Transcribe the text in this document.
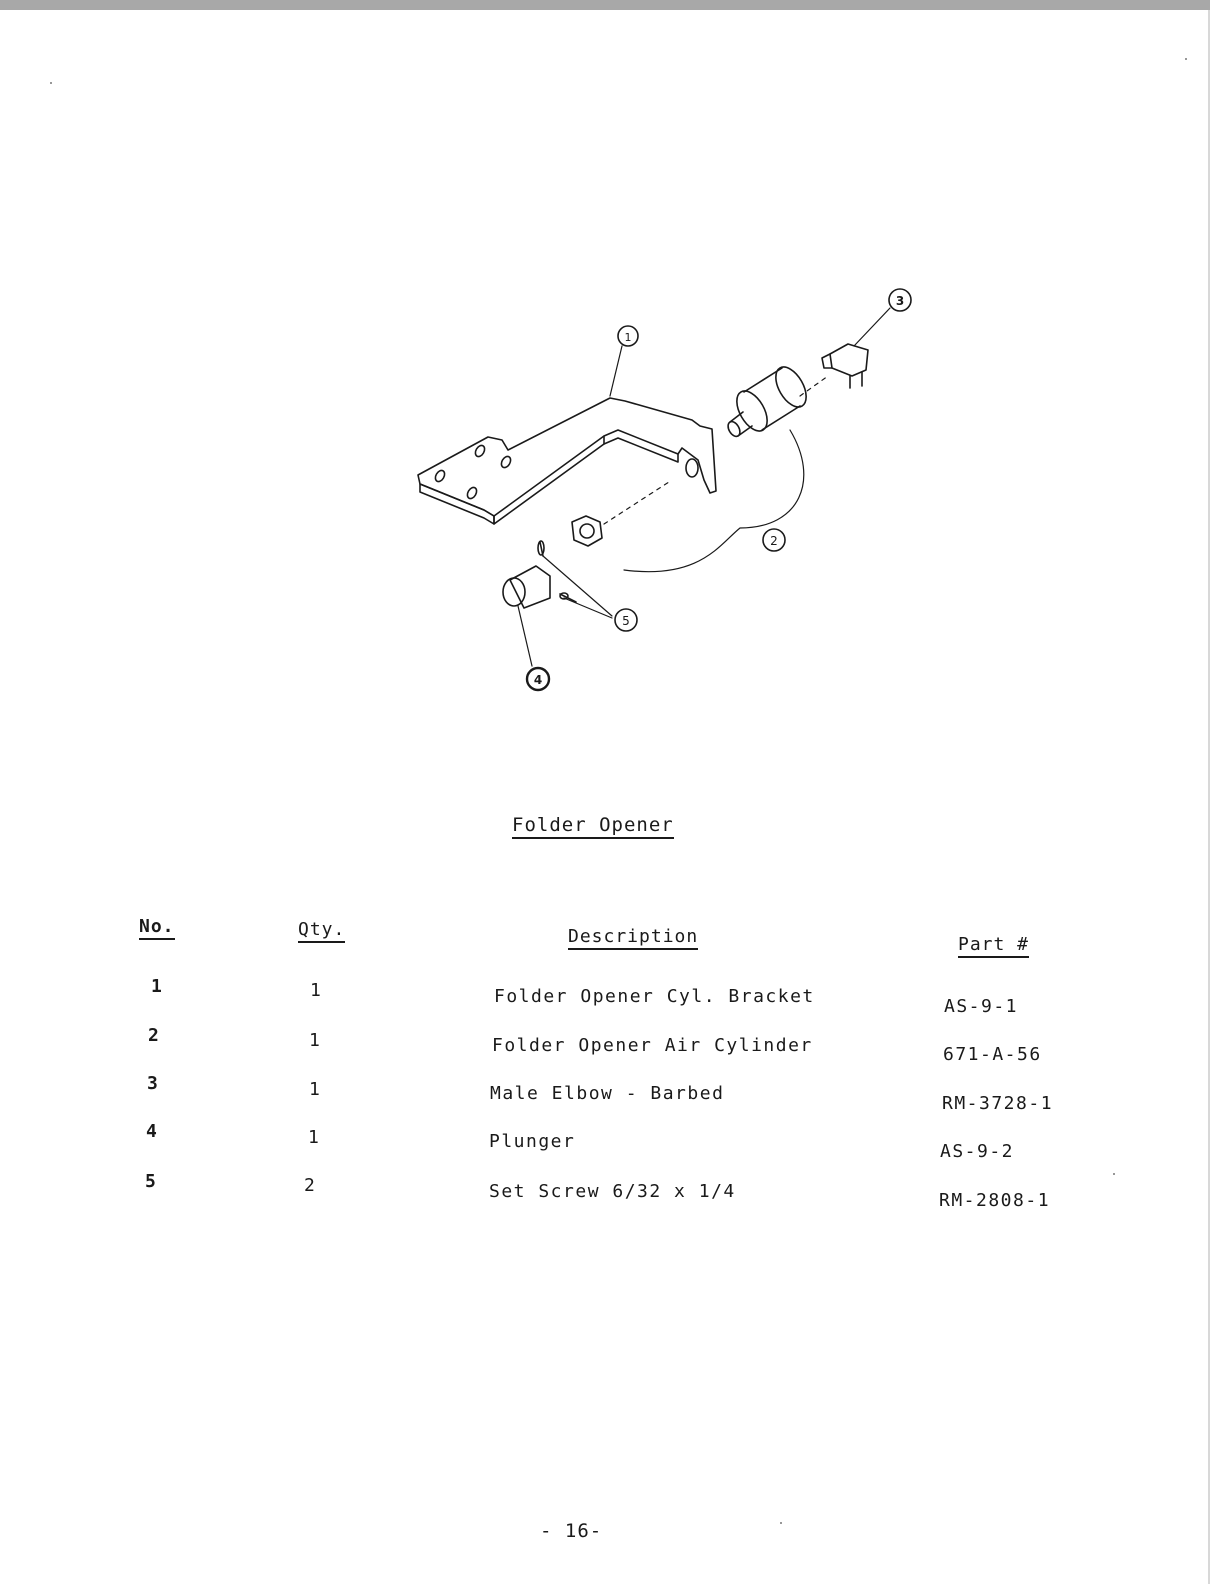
1
2
3
4
5
Folder Opener
No.	Qty.	Description	Part #
1	1	Folder Opener Cyl. Bracket	AS-9-1
2	1	Folder Opener Air Cylinder	671-A-56
3	1	Male Elbow - Barbed	RM-3728-1
4	1	Plunger	AS-9-2
5	2	Set Screw 6/32 x 1/4	RM-2808-1
- 16-
